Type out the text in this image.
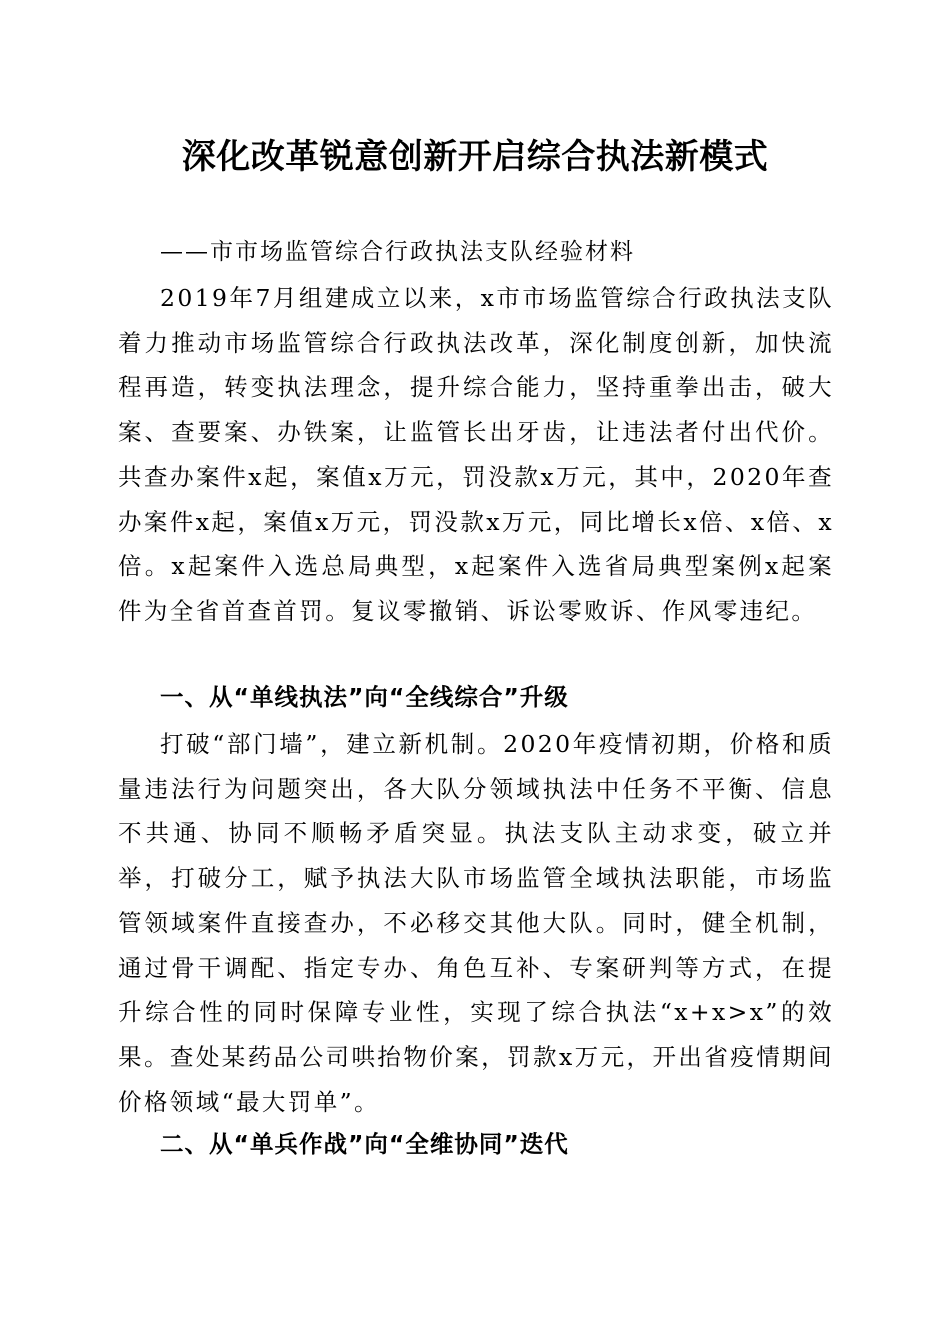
深化改革锐意创新开启综合执法新模式
——市市场监管综合行政执法支队经验材料

2019年7月组建成立以来，x市市场监管综合行政执法支队着力推动市场监管综合行政执法改革，深化制度创新，加快流程再造，转变执法理念，提升综合能力，坚持重拳出击，破大案、查要案、办铁案，让监管长出牙齿，让违法者付出代价。共查办案件x起，案值x万元，罚没款x万元，其中，2020年查办案件x起，案值x万元，罚没款x万元，同比增长x倍、x倍、x倍。x起案件入选总局典型，x起案件入选省局典型案例x起案件为全省首查首罚。复议零撤销、诉讼零败诉、作风零违纪。

一、从“单线执法”向“全线综合”升级

打破“部门墙”，建立新机制。2020年疫情初期，价格和质量违法行为问题突出，各大队分领域执法中任务不平衡、信息不共通、协同不顺畅矛盾突显。执法支队主动求变，破立并举，打破分工，赋予执法大队市场监管全域执法职能，市场监管领域案件直接查办，不必移交其他大队。同时，健全机制，通过骨干调配、指定专办、角色互补、专案研判等方式，在提升综合性的同时保障专业性，实现了综合执法“x+x>x”的效果。查处某药品公司哄抬物价案，罚款x万元，开出省疫情期间价格领域“最大罚单”。

二、从“单兵作战”向“全维协同”迭代
